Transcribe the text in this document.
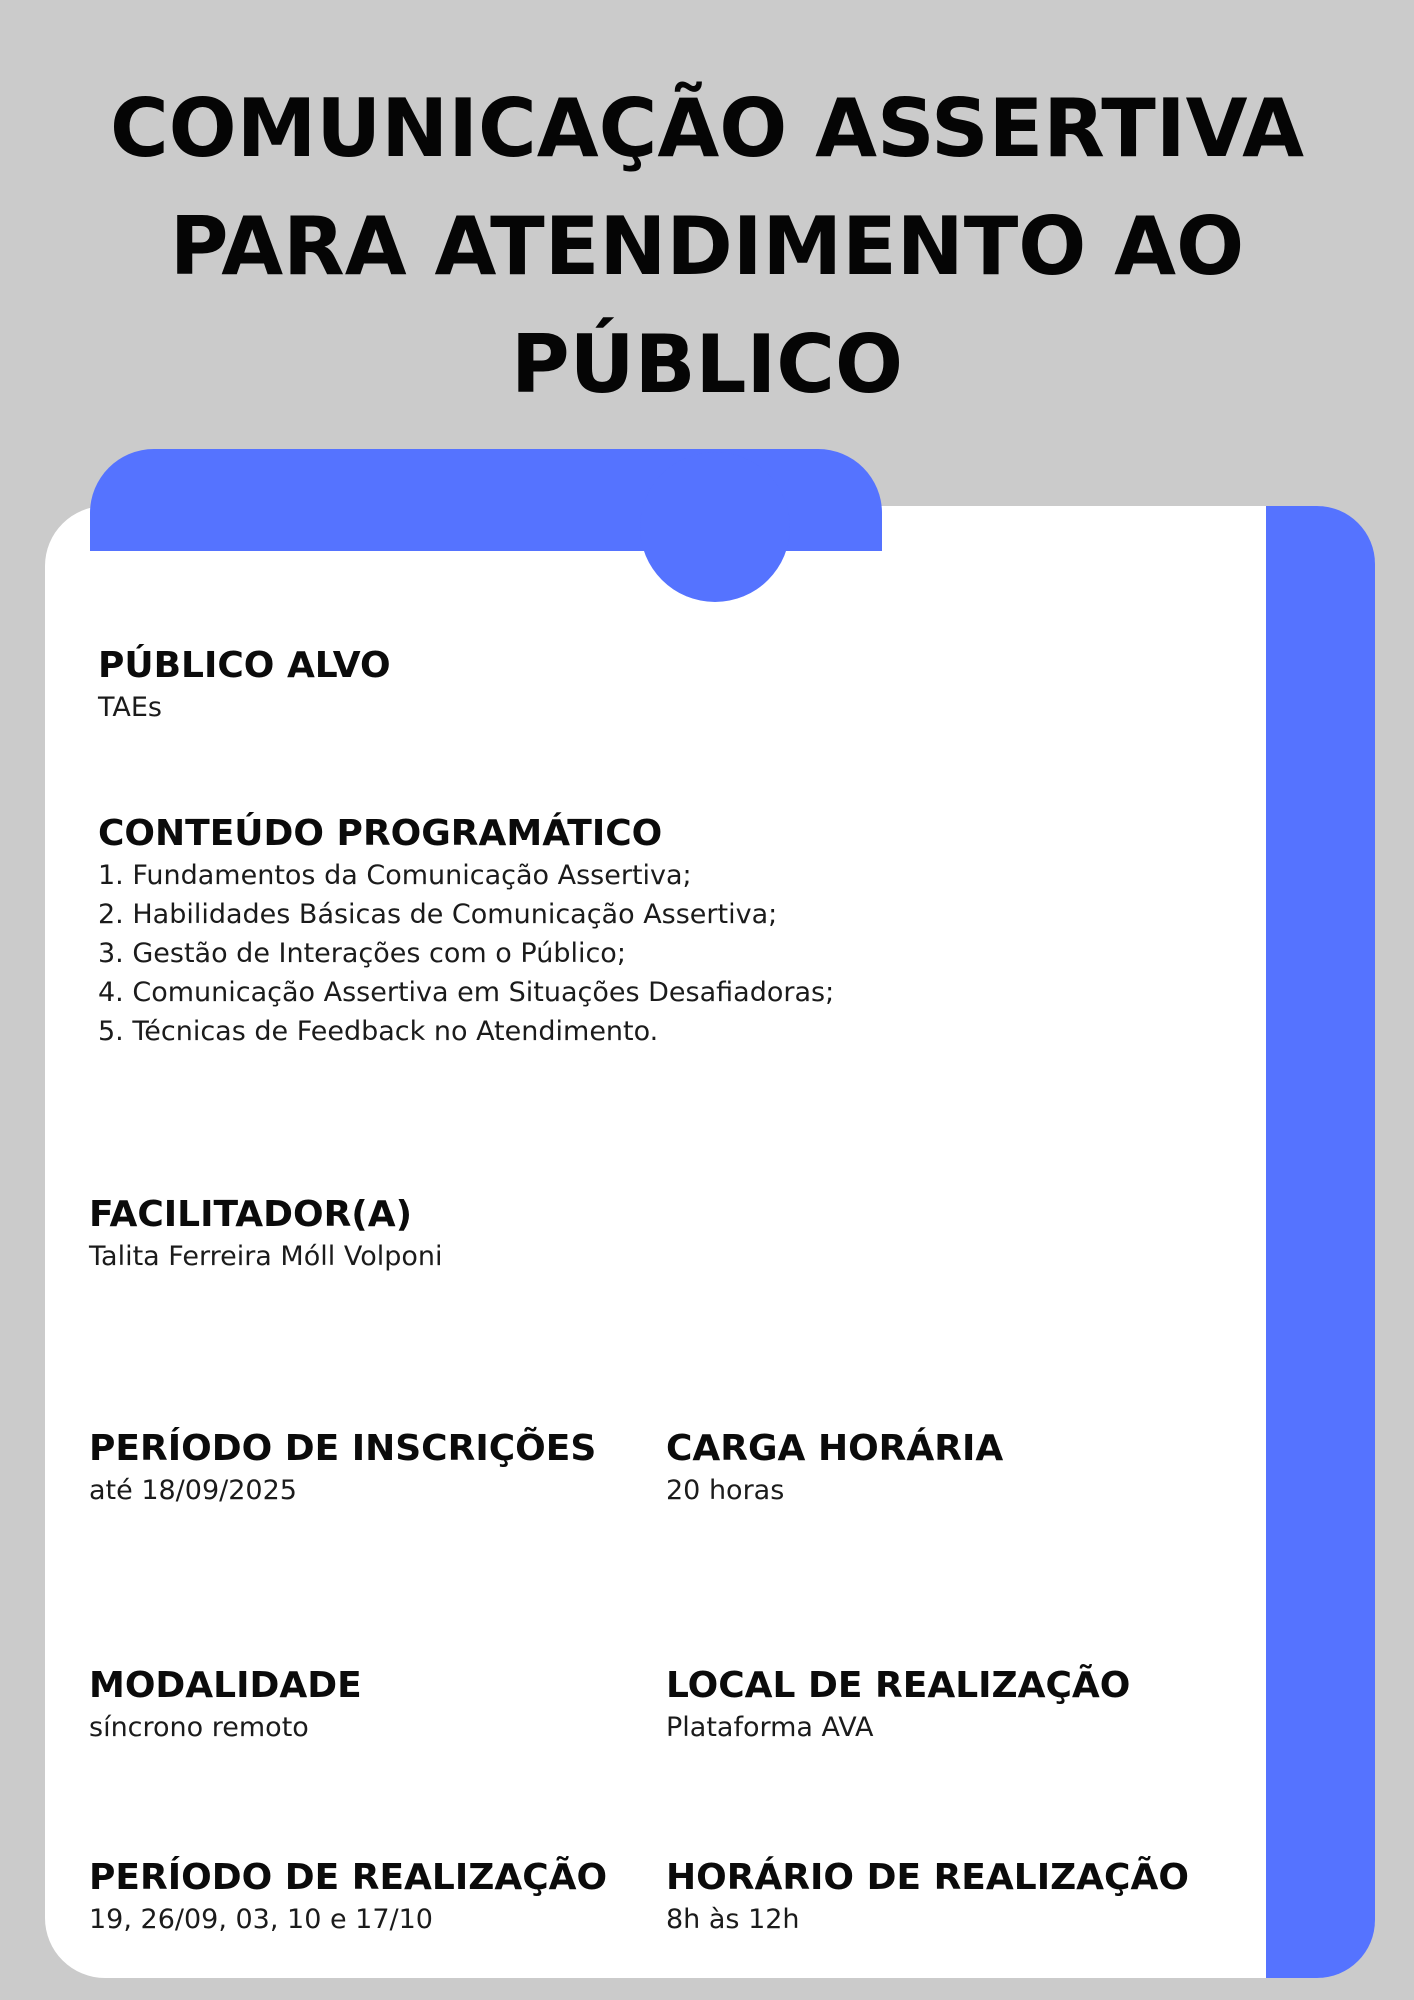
COMUNICAÇÃO ASSERTIVA
PARA ATENDIMENTO AO
PÚBLICO

PÚBLICO ALVO

TAEs

CONTEÚDO PROGRAMÁTICO

1. Fundamentos da Comunicação Assertiva;
2. Habilidades Básicas de Comunicação Assertiva;
3. Gestão de Interações com o Público;
4. Comunicação Assertiva em Situações Desafiadoras;
5. Técnicas de Feedback no Atendimento.

FACILITADOR(A)

Talita Ferreira Móll Volponi

PERÍODO DE INSCRIÇÕES

até 18/09/2025

CARGA HORÁRIA

20 horas

MODALIDADE

síncrono remoto

LOCAL DE REALIZAÇÃO

Plataforma AVA

PERÍODO DE REALIZAÇÃO

19, 26/09, 03, 10 e 17/10

HORÁRIO DE REALIZAÇÃO

8h às 12h
